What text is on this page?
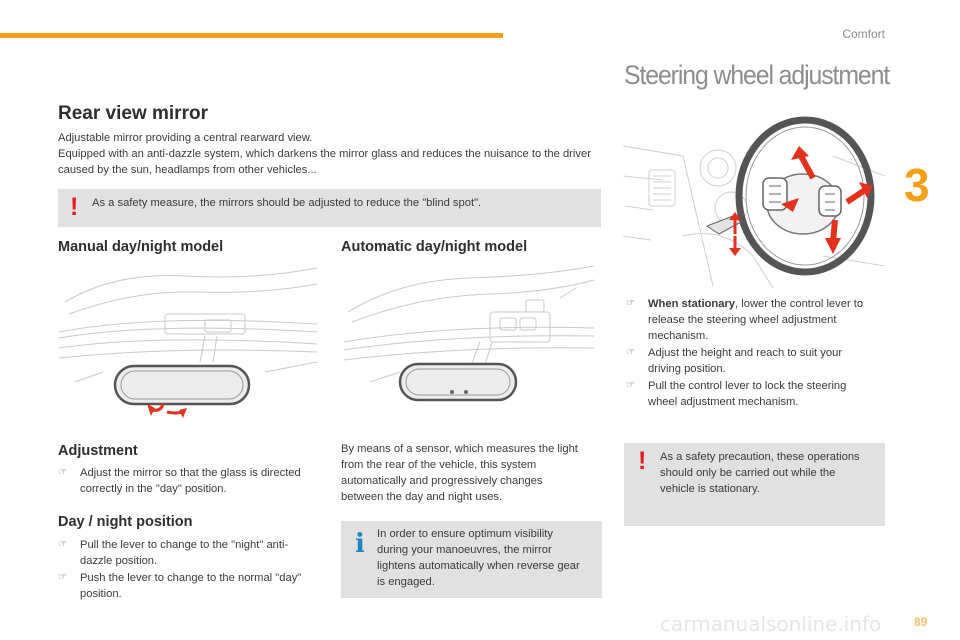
Comfort
3
Rear view mirror
Adjustable mirror providing a central rearward view.
Equipped with an anti-dazzle system, which darkens the mirror glass and reduces the nuisance to the driver caused by the sun, headlamps from other vehicles...
! As a safety measure, the mirrors should be adjusted to reduce the "blind spot".
Manual day/night model	Automatic day/night model
Adjustment
☞ Adjust the mirror so that the glass is directed correctly in the "day" position.
Day / night position
☞ Pull the lever to change to the "night" anti-dazzle position.
☞ Push the lever to change to the normal "day" position.
By means of a sensor, which measures the light from the rear of the vehicle, this system automatically and progressively changes between the day and night uses.
i In order to ensure optimum visibility during your manoeuvres, the mirror lightens automatically when reverse gear is engaged.
Steering wheel adjustment
☞ When stationary, lower the control lever to release the steering wheel adjustment mechanism.
☞ Adjust the height and reach to suit your driving position.
☞ Pull the control lever to lock the steering wheel adjustment mechanism.
! As a safety precaution, these operations should only be carried out while the vehicle is stationary.
carmanualsonline.info	89
